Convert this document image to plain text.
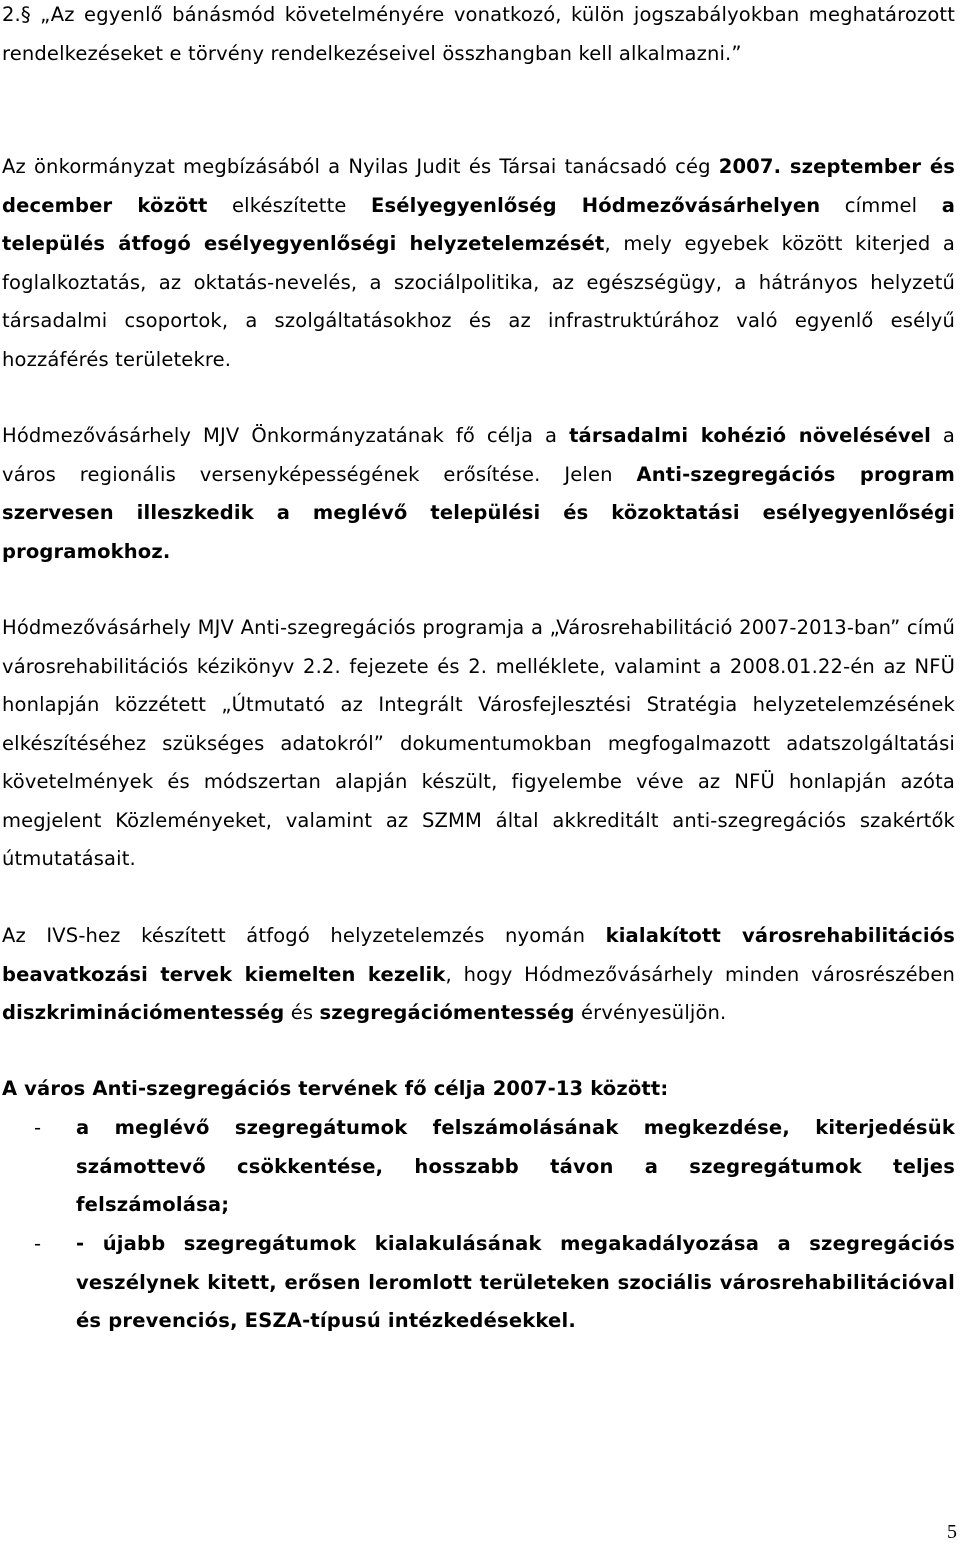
2.§ „Az egyenlő bánásmód követelményére vonatkozó, külön jogszabályokban meghatározott rendelkezéseket e törvény rendelkezéseivel összhangban kell alkalmazni.”
Az önkormányzat megbízásából a Nyilas Judit és Társai tanácsadó cég 2007. szeptember és december között elkészítette Esélyegyenlőség Hódmezővásárhelyen címmel a település átfogó esélyegyenlőségi helyzetelemzését, mely egyebek között kiterjed a foglalkoztatás, az oktatás-nevelés, a szociálpolitika, az egészségügy, a hátrányos helyzetű társadalmi csoportok, a szolgáltatásokhoz és az infrastruktúrához való egyenlő esélyű hozzáférés területekre.
Hódmezővásárhely MJV Önkormányzatának fő célja a társadalmi kohézió növelésével a város regionális versenyképességének erősítése. Jelen Anti-szegregációs program szervesen illeszkedik a meglévő települési és közoktatási esélyegyenlőségi programokhoz.
Hódmezővásárhely MJV Anti-szegregációs programja a „Városrehabilitáció 2007-2013-ban” című városrehabilitációs kézikönyv 2.2. fejezete és 2. melléklete, valamint a 2008.01.22-én az NFÜ honlapján közzétett „Útmutató az Integrált Városfejlesztési Stratégia helyzetelemzésének elkészítéséhez szükséges adatokról” dokumentumokban megfogalmazott adatszolgáltatási követelmények és módszertan alapján készült, figyelembe véve az NFÜ honlapján azóta megjelent Közleményeket, valamint az SZMM által akkreditált anti-szegregációs szakértők útmutatásait.
Az IVS-hez készített átfogó helyzetelemzés nyomán kialakított városrehabilitációs beavatkozási tervek kiemelten kezelik, hogy Hódmezővásárhely minden városrészében diszkriminációmentesség és szegregációmentesség érvényesüljön.
A város Anti-szegregációs tervének fő célja 2007-13 között:
- a meglévő szegregátumok felszámolásának megkezdése, kiterjedésük számottevő csökkentése, hosszabb távon a szegregátumok teljes felszámolása;
- - újabb szegregátumok kialakulásának megakadályozása a szegregációs veszélynek kitett, erősen leromlott területeken szociális városrehabilitációval és prevenciós, ESZA-típusú intézkedésekkel.
5
